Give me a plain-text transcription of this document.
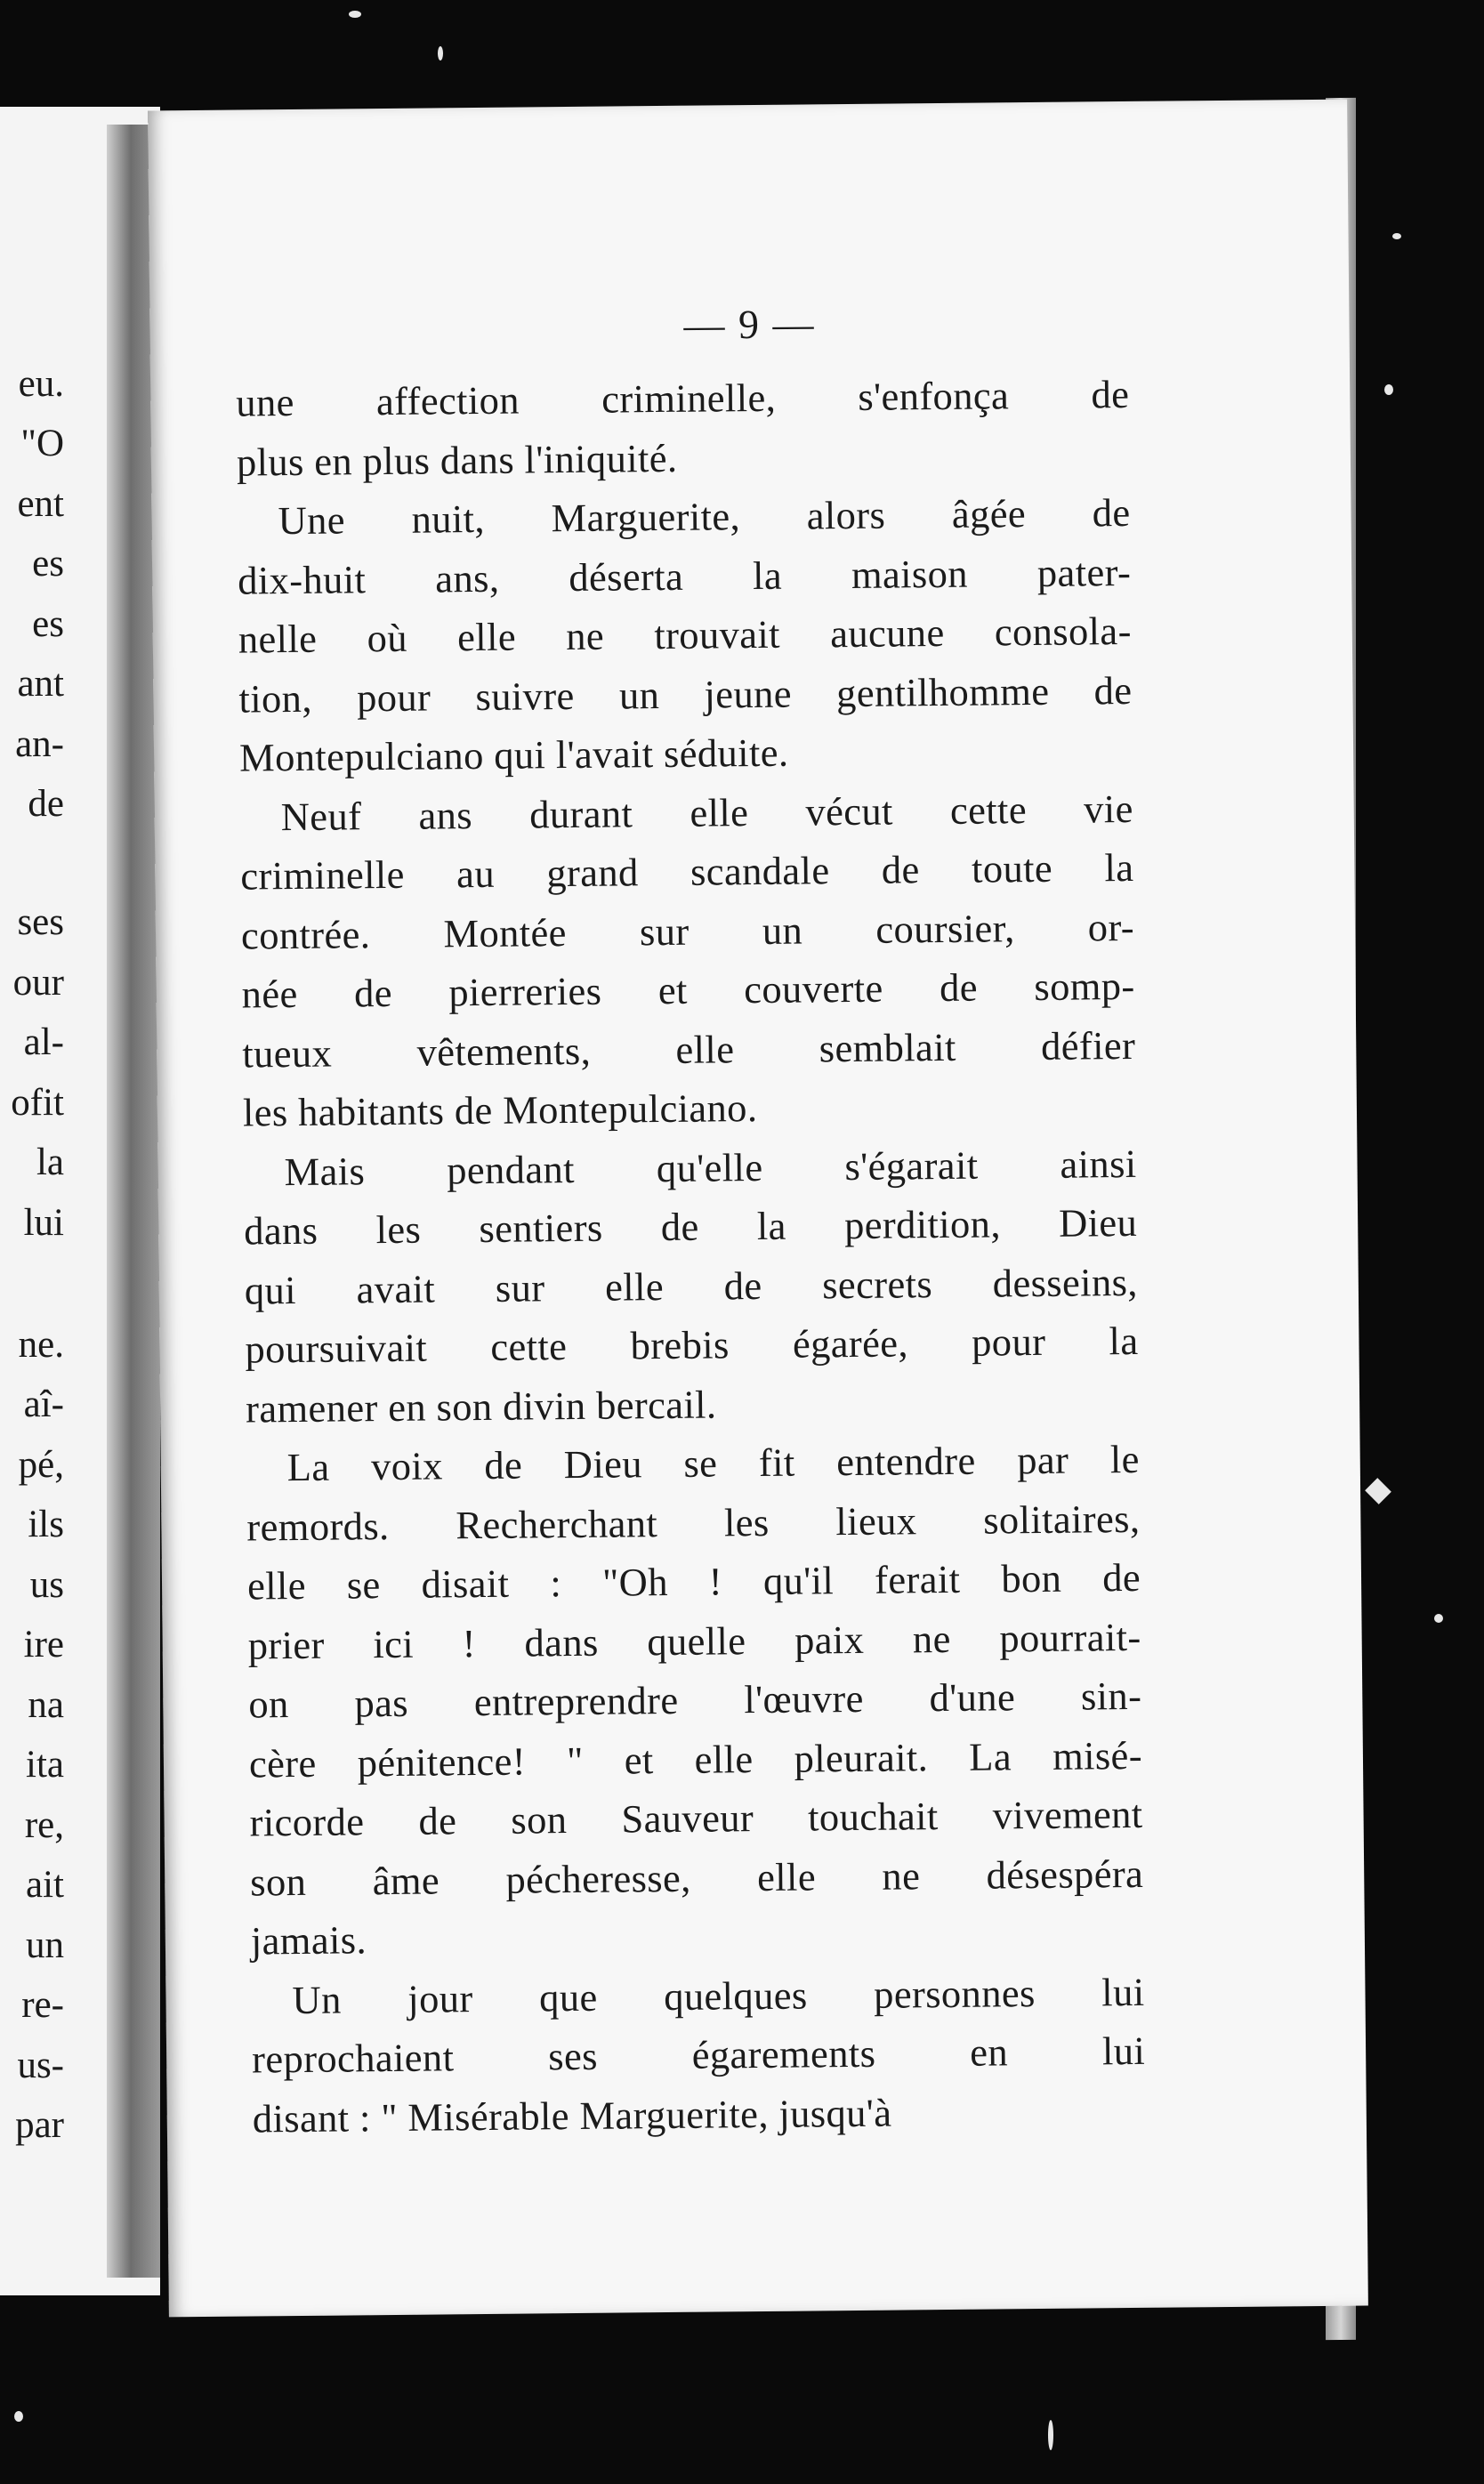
eu.
"O
ent
es
es
ant
an-
de
ses
our
al-
ofit
la
lui
ne.
aî-
pé,
ils
us
ire
na
ita
re,
ait
un
re-
us-
par
— 9 —
une affection criminelle, s'enfonça de
plus en plus dans l'iniquité.
Une nuit, Marguerite, alors âgée de
dix-huit ans, déserta la maison pater-
nelle où elle ne trouvait aucune consola-
tion, pour suivre un jeune gentilhomme de
Montepulciano qui l'avait séduite.
Neuf ans durant elle vécut cette vie
criminelle au grand scandale de toute la
contrée. Montée sur un coursier, or-
née de pierreries et couverte de somp-
tueux vêtements, elle semblait défier
les habitants de Montepulciano.
Mais pendant qu'elle s'égarait ainsi
dans les sentiers de la perdition, Dieu
qui avait sur elle de secrets desseins,
poursuivait cette brebis égarée, pour la
ramener en son divin bercail.
La voix de Dieu se fit entendre par le
remords. Recherchant les lieux solitaires,
elle se disait : "Oh ! qu'il ferait bon de
prier ici ! dans quelle paix ne pourrait-
on pas entreprendre l'œuvre d'une sin-
cère pénitence! " et elle pleurait. La misé-
ricorde de son Sauveur touchait vivement
son âme pécheresse, elle ne désespéra
jamais.
Un jour que quelques personnes lui
reprochaient ses égarements en lui
disant : " Misérable Marguerite, jusqu'à
